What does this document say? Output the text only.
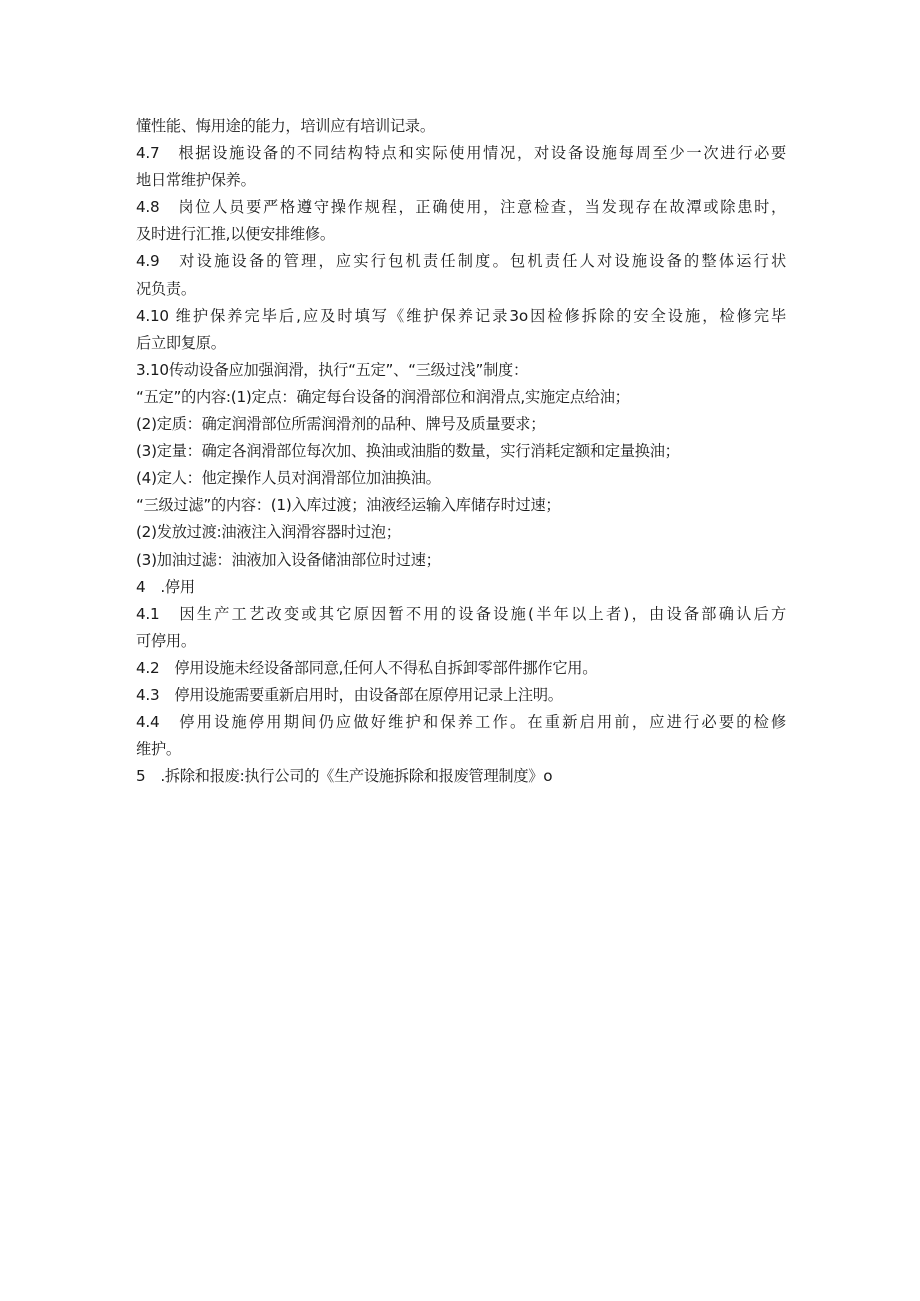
懂性能、悔用途的能力，培训应有培训记录。
4.7　根据设施设备的不同结构特点和实际使用情况，对设备设施每周至少一次进行必要
地日常维护保养。
4.8　岗位人员要严格遵守操作规程，正确使用，注意检查，当发现存在故潭或除患时，
及时进行汇推,以便安排维修。
4.9　对设施设备的管理，应实行包机责任制度。包机责任人对设施设备的整体运行状
况负责。
4.10 维护保养完毕后,应及时填写《维护保养记录3o因检修拆除的安全设施，检修完毕
后立即复原。
3.10传动设备应加强润滑，执行“五定”、“三级过浅”制度：
“五定”的内容:(1)定点：确定每台设备的润滑部位和润滑点,实施定点给油；
(2)定质：确定润滑部位所需润滑剂的品种、牌号及质量要求；
(3)定量：确定各润滑部位每次加、换油或油脂的数量，实行消耗定额和定量换油；
(4)定人：他定操作人员对润滑部位加油换油。
“三级过滤”的内容：(1)入库过渡；油液经运输入库储存时过速；
(2)发放过渡:油液注入润滑容器时过泡；
(3)加油过滤：油液加入设备储油部位时过速；
4　.停用
4.1　因生产工艺改变或其它原因暂不用的设备设施(半年以上者)，由设备部确认后方
可停用。
4.2　停用设施未经设备部同意,任何人不得私自拆卸零部件挪作它用。
4.3　停用设施需要重新启用时，由设备部在原停用记录上注明。
4.4　停用设施停用期间仍应做好维护和保养工作。在重新启用前，应进行必要的检修
维护。
5　.拆除和报废:执行公司的《生产设施拆除和报废管理制度》o
